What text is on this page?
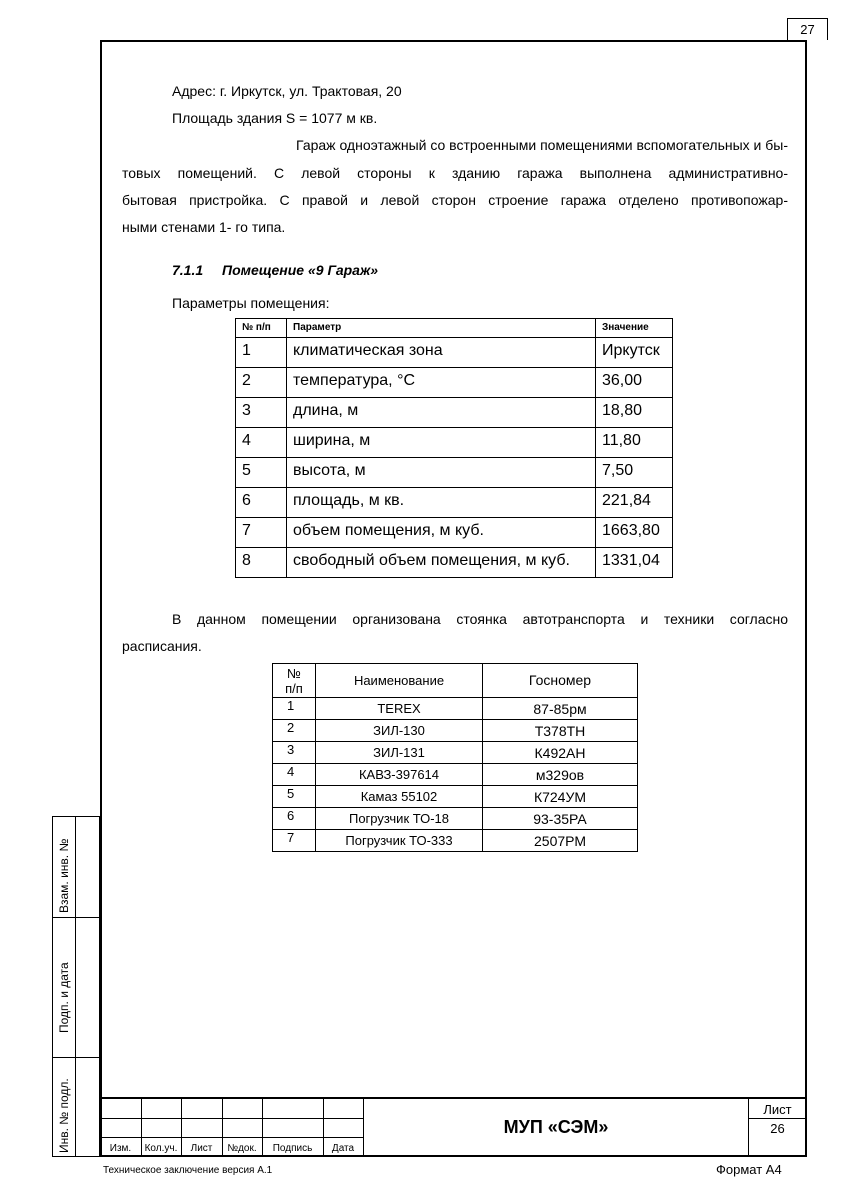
27
Адрес: г. Иркутск, ул. Трактовая, 20
Площадь здания S = 1077 м кв.
Гараж одноэтажный со встроенными помещениями вспомогательных и бы-
товых помещений. С левой стороны к зданию гаража выполнена административно-
бытовая пристройка. С правой и левой сторон строение гаража отделено противопожар-
ными стенами 1- го типа.
7.1.1 Помещение «9 Гараж»
Параметры помещения:
№ п/п	Параметр	Значение
1	климатическая зона	Иркутск
2	температура, °С	36,00
3	длина, м	18,80
4	ширина, м	11,80
5	высота, м	7,50
6	площадь, м кв.	221,84
7	объем помещения, м куб.	1663,80
8	свободный объем помещения, м куб.	1331,04
В данном помещении организована стоянка автотранспорта и техники согласно
расписания.
№
п/п	Наименование	Госномер
1	TEREX	87-85рм
2	ЗИЛ-130	Т378ТН
3	ЗИЛ-131	К492АН
4	КАВЗ-397614	м329ов
5	Камаз 55102	К724УМ
6	Погрузчик ТО-18	93-35РА
7	Погрузчик ТО-333	2507РМ
Взам. инв. №
Подп. и дата
Инв. № подл.	Изм.	Кол.уч.	Лист	№док.	Подпись	Дата
МУП «СЭМ»
Лист
26
Техническое заключение версия А.1	Формат А4
